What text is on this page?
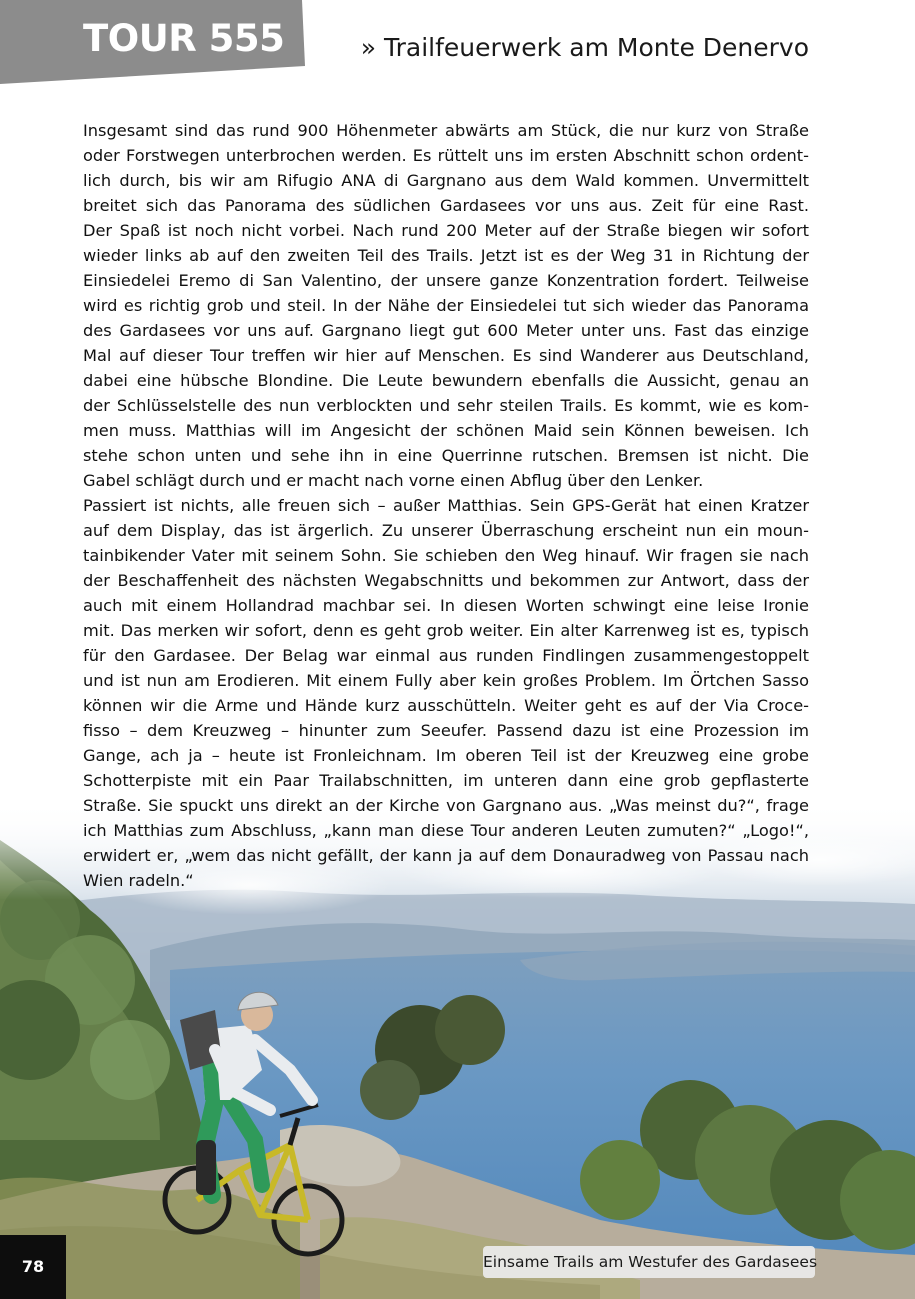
TOUR 555	» Trailfeuerwerk am Monte Denervo
Insgesamt sind das rund 900 Höhenmeter abwärts am Stück, die nur kurz von Straße
oder Forstwegen unterbrochen werden. Es rüttelt uns im ersten Abschnitt schon ordent-
lich durch, bis wir am Rifugio ANA di Gargnano aus dem Wald kommen. Unvermittelt
breitet sich das Panorama des südlichen Gardasees vor uns aus. Zeit für eine Rast.
Der Spaß ist noch nicht vorbei. Nach rund 200 Meter auf der Straße biegen wir sofort
wieder links ab auf den zweiten Teil des Trails. Jetzt ist es der Weg 31 in Richtung der
Einsiedelei Eremo di San Valentino, der unsere ganze Konzentration fordert. Teilweise
wird es richtig grob und steil. In der Nähe der Einsiedelei tut sich wieder das Panorama
des Gardasees vor uns auf. Gargnano liegt gut 600 Meter unter uns. Fast das einzige
Mal auf dieser Tour treffen wir hier auf Menschen. Es sind Wanderer aus Deutschland,
dabei eine hübsche Blondine. Die Leute bewundern ebenfalls die Aussicht, genau an
der Schlüsselstelle des nun verblockten und sehr steilen Trails. Es kommt, wie es kom-
men muss. Matthias will im Angesicht der schönen Maid sein Können beweisen. Ich
stehe schon unten und sehe ihn in eine Querrinne rutschen. Bremsen ist nicht. Die
Gabel schlägt durch und er macht nach vorne einen Abflug über den Lenker.
Passiert ist nichts, alle freuen sich – außer Matthias. Sein GPS-Gerät hat einen Kratzer
auf dem Display, das ist ärgerlich. Zu unserer Überraschung erscheint nun ein moun-
tainbikender Vater mit seinem Sohn. Sie schieben den Weg hinauf. Wir fragen sie nach
der Beschaffenheit des nächsten Wegabschnitts und bekommen zur Antwort, dass der
auch mit einem Hollandrad machbar sei. In diesen Worten schwingt eine leise Ironie
mit. Das merken wir sofort, denn es geht grob weiter. Ein alter Karrenweg ist es, typisch
für den Gardasee. Der Belag war einmal aus runden Findlingen zusammengestoppelt
und ist nun am Erodieren. Mit einem Fully aber kein großes Problem. Im Örtchen Sasso
können wir die Arme und Hände kurz ausschütteln. Weiter geht es auf der Via Croce-
fisso – dem Kreuzweg – hinunter zum Seeufer. Passend dazu ist eine Prozession im
Gange, ach ja – heute ist Fronleichnam. Im oberen Teil ist der Kreuzweg eine grobe
Schotterpiste mit ein Paar Trailabschnitten, im unteren dann eine grob gepflasterte
Straße. Sie spuckt uns direkt an der Kirche von Gargnano aus. „Was meinst du?“, frage
ich Matthias zum Abschluss, „kann man diese Tour anderen Leuten zumuten?“ „Logo!“,
erwidert er, „wem das nicht gefällt, der kann ja auf dem Donauradweg von Passau nach
Wien radeln.“
Einsame Trails am Westufer des Gardasees
78
